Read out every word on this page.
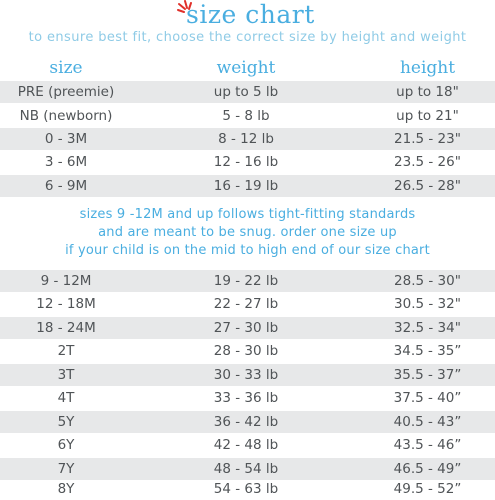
size chart
to ensure best fit, choose the correct size by height and weight
size	weight	height
PRE (preemie)	up to 5 lb	up to 18"
NB (newborn)	5 - 8 lb	up to 21"
0 - 3M	8 - 12 lb	21.5 - 23"
3 - 6M	12 - 16 lb	23.5 - 26"
6 - 9M	16 - 19 lb	26.5 - 28"
sizes 9 -12M and up follows tight-fitting standards
and are meant to be snug. order one size up
if your child is on the mid to high end of our size chart
9 - 12M	19 - 22 lb	28.5 - 30"
12 - 18M	22 - 27 lb	30.5 - 32"
18 - 24M	27 - 30 lb	32.5 - 34"
2T	28 - 30 lb	34.5 - 35”
3T	30 - 33 lb	35.5 - 37”
4T	33 - 36 lb	37.5 - 40”
5Y	36 - 42 lb	40.5 - 43”
6Y	42 - 48 lb	43.5 - 46”
7Y	48 - 54 lb	46.5 - 49”
8Y	54 - 63 lb	49.5 - 52”
